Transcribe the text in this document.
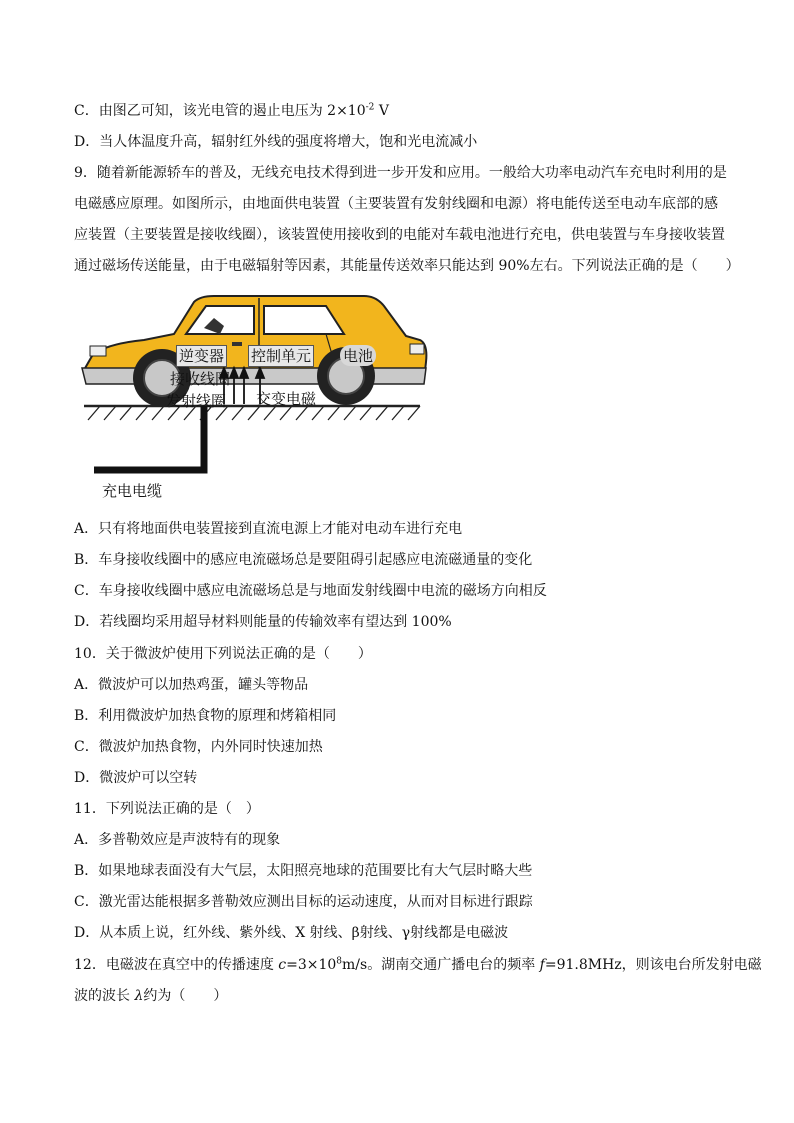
C．由图乙可知，该光电管的遏止电压为 $2\times 10^{-2}$ V
D．当人体温度升高，辐射红外线的强度将增大，饱和光电流减小
9．随着新能源轿车的普及，无线充电技术得到进一步开发和应用。一般给大功率电动汽车充电时利用的是
电磁感应原理。如图所示，由地面供电装置（主要装置有发射线圈和电源）将电能传送至电动车底部的感
应装置（主要装置是接收线圈），该装置使用接收到的电能对车载电池进行充电，供电装置与车身接收装置
通过磁场传送能量，由于电磁辐射等因素，其能量传送效率只能达到 90%左右。下列说法正确的是（　　）
逆变器 控制单元 电池
接收线圈
发射线圈 交变电磁
充电电缆
A．只有将地面供电装置接到直流电源上才能对电动车进行充电
B．车身接收线圈中的感应电流磁场总是要阻碍引起感应电流磁通量的变化
C．车身接收线圈中感应电流磁场总是与地面发射线圈中电流的磁场方向相反
D．若线圈均采用超导材料则能量的传输效率有望达到 100%
10．关于微波炉使用下列说法正确的是（　　）
A．微波炉可以加热鸡蛋，罐头等物品
B．利用微波炉加热食物的原理和烤箱相同
C．微波炉加热食物，内外同时快速加热
D．微波炉可以空转
11．下列说法正确的是（　）
A．多普勒效应是声波特有的现象
B．如果地球表面没有大气层，太阳照亮地球的范围要比有大气层时略大些
C．激光雷达能根据多普勒效应测出目标的运动速度，从而对目标进行跟踪
D．从本质上说，红外线、紫外线、X 射线、β射线、γ射线都是电磁波
12．电磁波在真空中的传播速度 $c=3\times 10^8m/s$。湖南交通广播电台的频率 f=91.8MHz，则该电台所发射电磁
波的波长 λ约为（　　）
